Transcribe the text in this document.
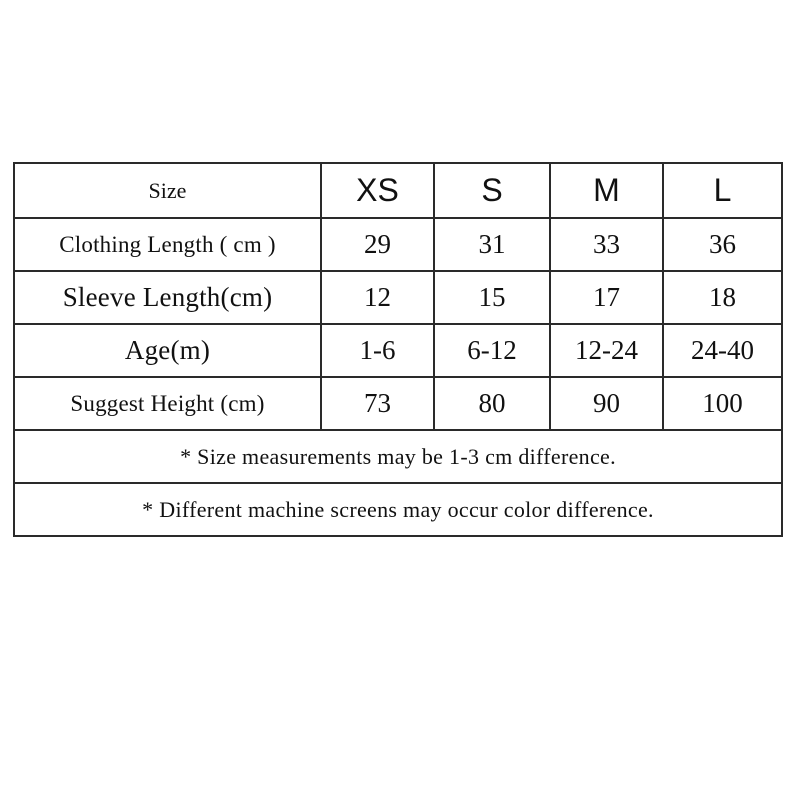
Size	XS	S	M	L
Clothing Length ( cm )	29	31	33	36
Sleeve Length(cm)	12	15	17	18
Age(m)	1-6	6-12	12-24	24-40
Suggest Height (cm)	73	80	90	100
* Size measurements may be 1-3 cm difference.				
* Different machine screens may occur color difference.				
